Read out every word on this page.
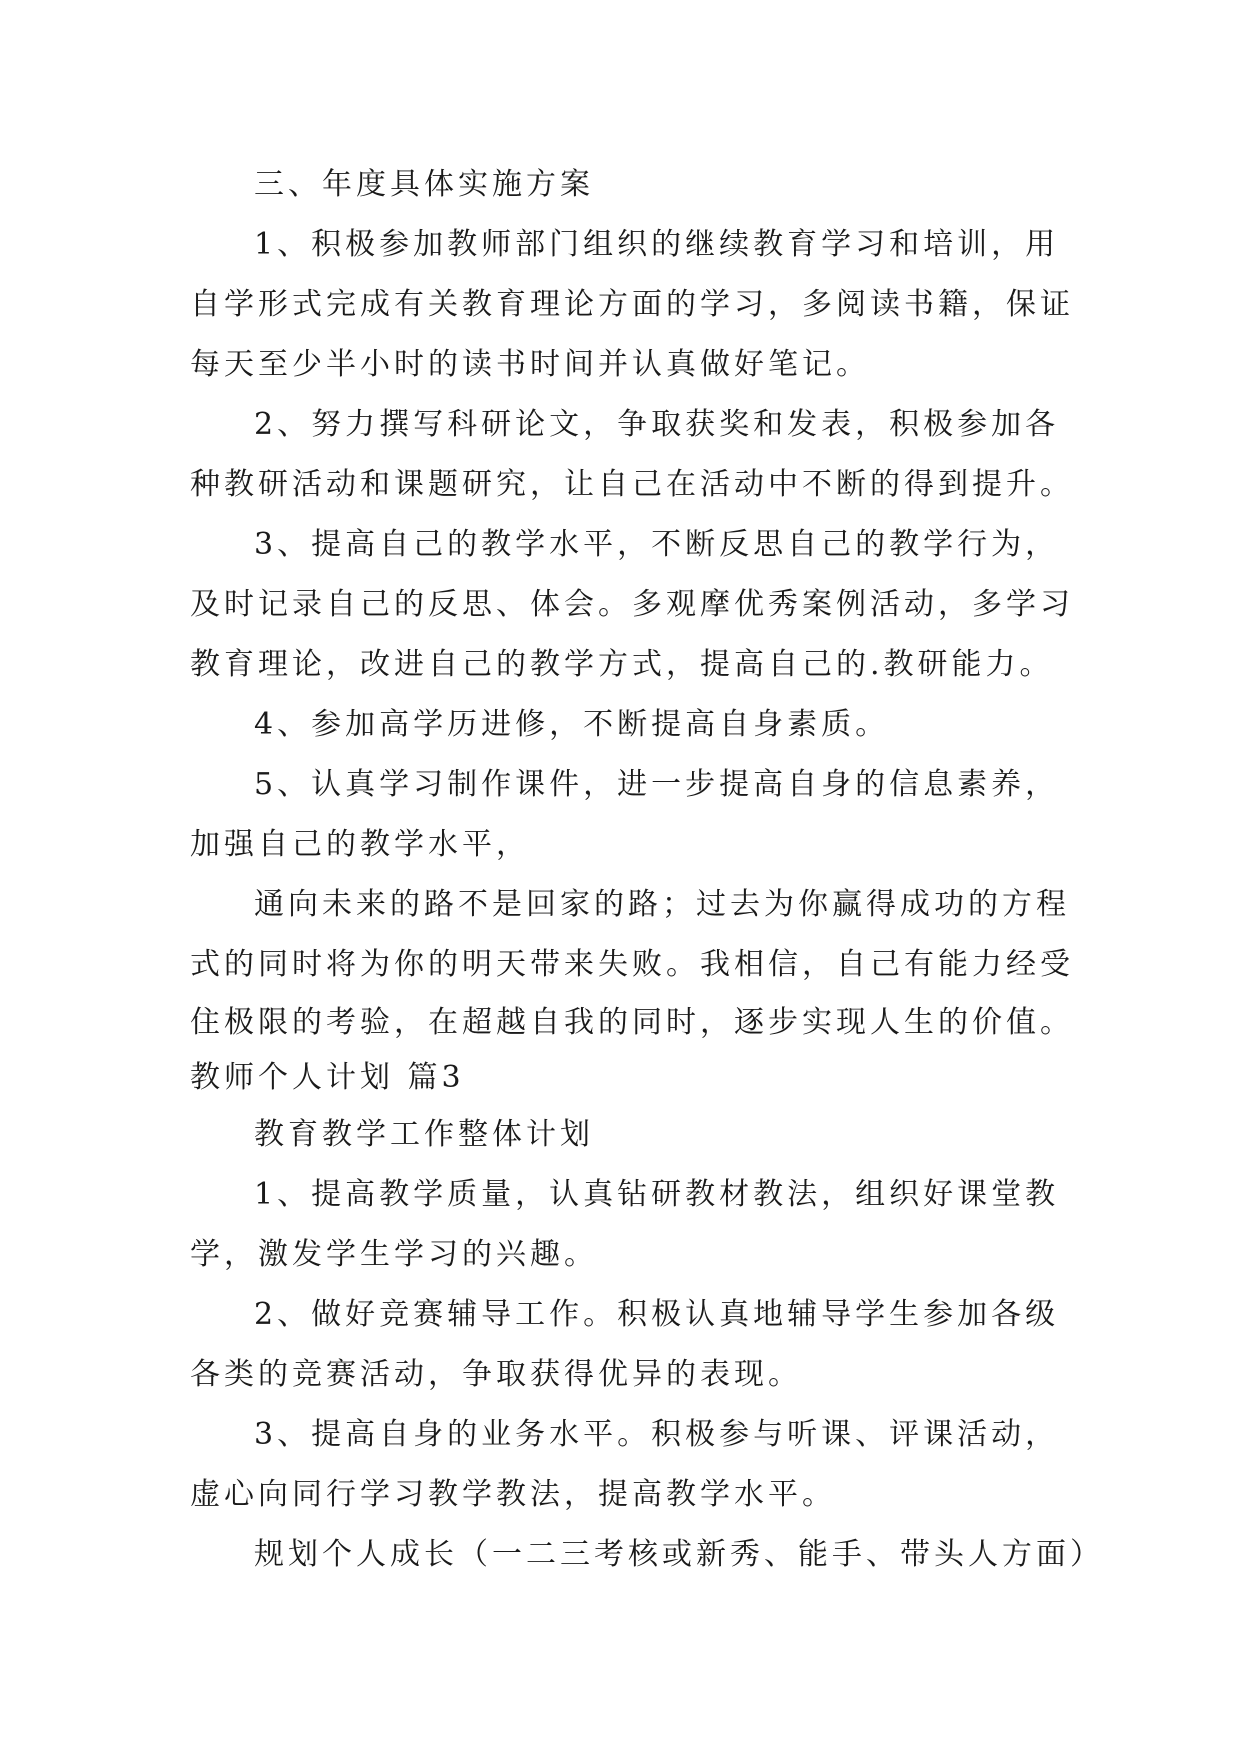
三、年度具体实施方案
1、积极参加教师部门组织的继续教育学习和培训，用
自学形式完成有关教育理论方面的学习，多阅读书籍，保证
每天至少半小时的读书时间并认真做好笔记。
2、努力撰写科研论文，争取获奖和发表，积极参加各
种教研活动和课题研究，让自己在活动中不断的得到提升。
3、提高自己的教学水平，不断反思自己的教学行为，
及时记录自己的反思、体会。多观摩优秀案例活动，多学习
教育理论，改进自己的教学方式，提高自己的.教研能力。
4、参加高学历进修，不断提高自身素质。
5、认真学习制作课件，进一步提高自身的信息素养，
加强自己的教学水平，
通向未来的路不是回家的路；过去为你赢得成功的方程
式的同时将为你的明天带来失败。我相信，自己有能力经受
住极限的考验，在超越自我的同时，逐步实现人生的价值。
教师个人计划 篇3
教育教学工作整体计划
1、提高教学质量，认真钻研教材教法，组织好课堂教
学，激发学生学习的兴趣。
2、做好竞赛辅导工作。积极认真地辅导学生参加各级
各类的竞赛活动，争取获得优异的表现。
3、提高自身的业务水平。积极参与听课、评课活动，
虚心向同行学习教学教法，提高教学水平。
规划个人成长（一二三考核或新秀、能手、带头人方面）
